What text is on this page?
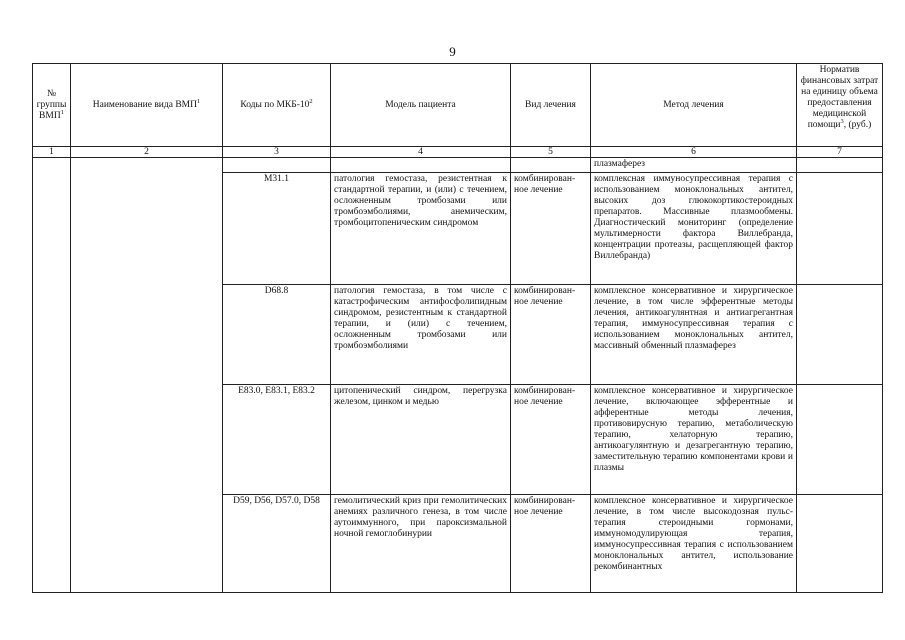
9
№ группы ВМП$^1$	Наименование вида ВМП$^1$	Коды по МКБ-$10^2$	Модель пациента	Вид лечения	Метод лечения	Норматив финансовых затрат на единицу объема предоставления медицинской помощи$^3$, (руб.)
1	2	3	4	5	6	7
					плазмаферез	
		M31.1	патология гемостаза, резистентная к стандартной терапии, и (или) с течением, осложненным тромбозами или тромбоэмболиями, анемическим, тромбоцитопеническим синдромом	комбинирован-ное лечение	комплексная иммуносупрессивная терапия с использованием моноклональных антител, высоких доз глюкокортикостероидных препаратов. Массивные плазмообмены. Диагностический мониторинг (определение мультимерности фактора Виллебранда, концентрации протеазы, расщепляющей фактор Виллебранда)	
		D68.8	патология гемостаза, в том числе с катастрофическим антифосфолипидным синдромом, резистентным к стандартной терапии, и (или) с течением, осложненным тромбозами или тромбоэмболиями	комбинирован-ное лечение	комплексное консервативное и хирургическое лечение, в том числе эфферентные методы лечения, антикоагулянтная и антиагрегантная терапия, иммуносупрессивная терапия с использованием моноклональных антител, массивный обменный плазмаферез	
		E83.0, E83.1, E83.2	цитопенический синдром, перегрузка железом, цинком и медью	комбинирован-ное лечение	комплексное консервативное и хирургическое лечение, включающее эфферентные и афферентные методы лечения, противовирусную терапию, метаболическую терапию, хелаторную терапию, антикоагулянтную и дезагрегантную терапию, заместительную терапию компонентами крови и плазмы	
		D59, D56, D57.0, D58	гемолитический криз при гемолитических анемиях различного генеза, в том числе аутоиммунного, при пароксизмальной ночной гемоглобинурии	комбинирован-ное лечение	комплексное консервативное и хирургическое лечение, в том числе высокодозная пульс-терапия стероидными гормонами, иммуномодулирующая терапия, иммуносупрессивная терапия с использованием моноклональных антител, использование рекомбинантных	
